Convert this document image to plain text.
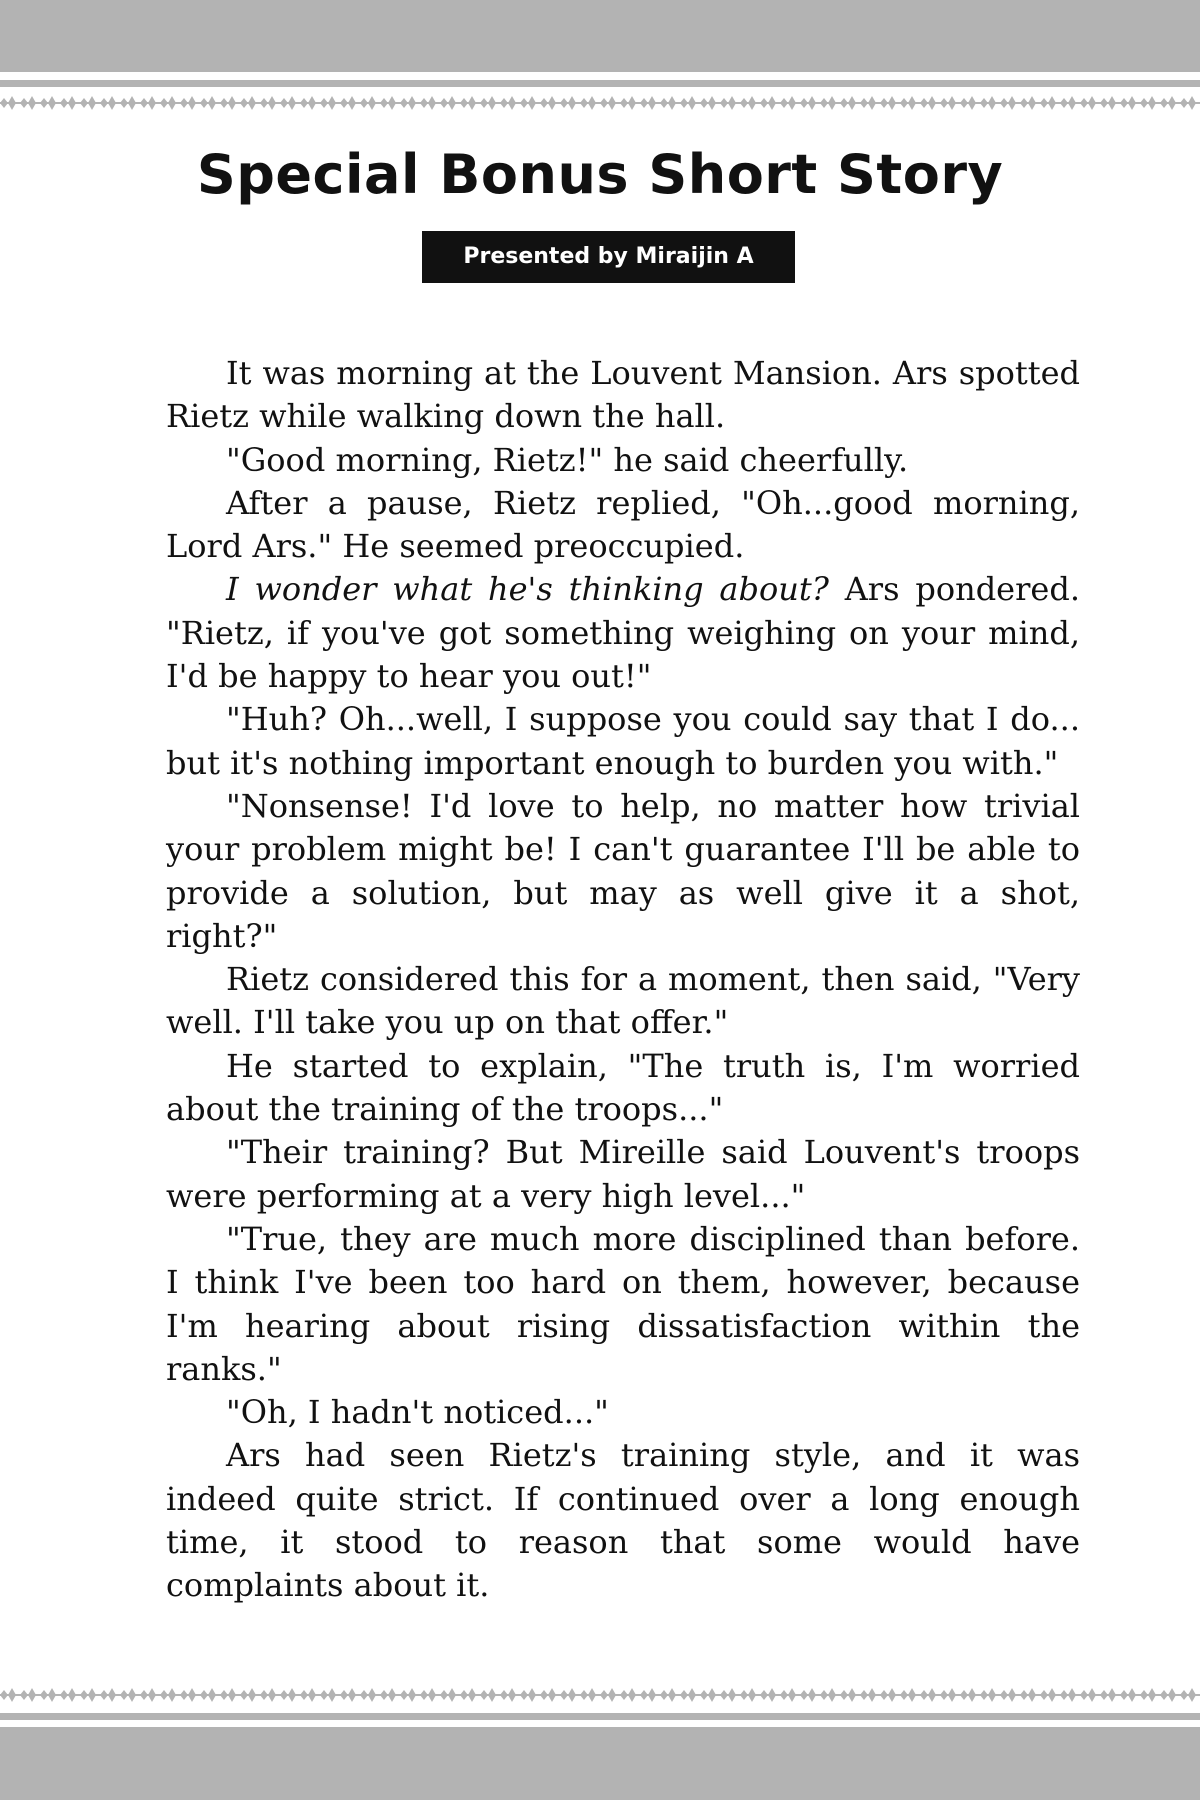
Special Bonus Short Story
Presented by Miraijin A

It was morning at the Louvent Mansion. Ars spotted Rietz while walking down the hall.

"Good morning, Rietz!" he said cheerfully.

After a pause, Rietz replied, "Oh...good morning, Lord Ars." He seemed preoccupied.

I wonder what he's thinking about? Ars pondered. "Rietz, if you've got something weighing on your mind, I'd be happy to hear you out!"

"Huh? Oh...well, I suppose you could say that I do... but it's nothing important enough to burden you with."

"Nonsense! I'd love to help, no matter how trivial your problem might be! I can't guarantee I'll be able to provide a solution, but may as well give it a shot, right?"

Rietz considered this for a moment, then said, "Very well. I'll take you up on that offer."

He started to explain, "The truth is, I'm worried about the training of the troops..."

"Their training? But Mireille said Louvent's troops were performing at a very high level..."

"True, they are much more disciplined than before. I think I've been too hard on them, however, because I'm hearing about rising dissatisfaction within the ranks."

"Oh, I hadn't noticed..."

Ars had seen Rietz's training style, and it was indeed quite strict. If continued over a long enough time, it stood to reason that some would have complaints about it.
